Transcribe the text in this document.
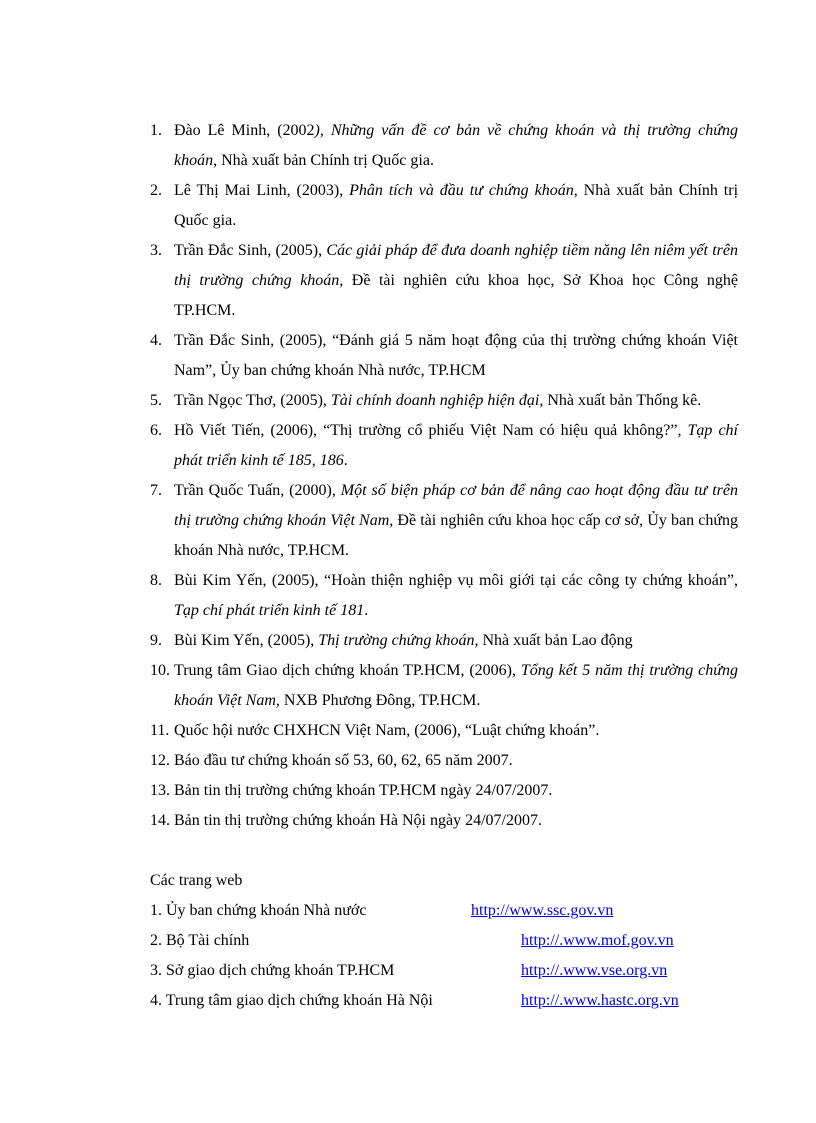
1. Đào Lê Minh, (2002), Những vấn đề cơ bản về chứng khoán và thị trường chứng khoán, Nhà xuất bản Chính trị Quốc gia.
2. Lê Thị Mai Linh, (2003), Phân tích và đầu tư chứng khoán, Nhà xuất bản Chính trị Quốc gia.
3. Trần Đắc Sinh, (2005), Các giải pháp để đưa doanh nghiệp tiềm năng lên niêm yết trên thị trường chứng khoán, Đề tài nghiên cứu khoa học, Sở Khoa học Công nghệ TP.HCM.
4. Trần Đắc Sinh, (2005), “Đánh giá 5 năm hoạt động của thị trường chứng khoán Việt Nam”, Ủy ban chứng khoán Nhà nước, TP.HCM
5. Trần Ngọc Thơ, (2005), Tài chính doanh nghiệp hiện đại, Nhà xuất bản Thống kê.
6. Hồ Viết Tiến, (2006), “Thị trường cổ phiếu Việt Nam có hiệu quả không?”, Tạp chí phát triển kinh tế 185, 186.
7. Trần Quốc Tuấn, (2000), Một số biện pháp cơ bản để nâng cao hoạt động đầu tư trên thị trường chứng khoán Việt Nam, Đề tài nghiên cứu khoa học cấp cơ sở, Ủy ban chứng khoán Nhà nước, TP.HCM.
8. Bùi Kim Yến, (2005), “Hoàn thiện nghiệp vụ môi giới tại các công ty chứng khoán”, Tạp chí phát triển kinh tế 181.
9. Bùi Kim Yến, (2005), Thị trường chứng khoán, Nhà xuất bản Lao động
10. Trung tâm Giao dịch chứng khoán TP.HCM, (2006), Tổng kết 5 năm thị trường chứng khoán Việt Nam, NXB Phương Đông, TP.HCM.
11. Quốc hội nước CHXHCN Việt Nam, (2006), “Luật chứng khoán”.
12. Báo đầu tư chứng khoán số 53, 60, 62, 65 năm 2007.
13. Bản tin thị trường chứng khoán TP.HCM ngày 24/07/2007.
14. Bản tin thị trường chứng khoán Hà Nội ngày 24/07/2007.

Các trang web

1. Ủy ban chứng khoán Nhà nước	http://www.ssc.gov.vn
2. Bộ Tài chính	http://.www.mof.gov.vn
3. Sở giao dịch chứng khoán TP.HCM	http://.www.vse.org.vn
4. Trung tâm giao dịch chứng khoán Hà Nội	http://.www.hastc.org.vn
